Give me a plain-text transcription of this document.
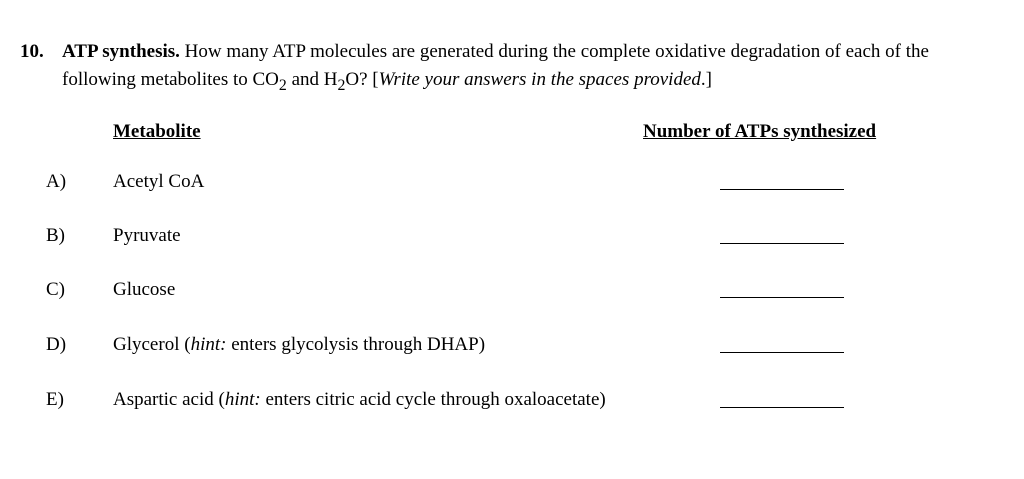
10. ATP synthesis. How many ATP molecules are generated during the complete oxidative degradation of each of the following metabolites to $CO_2$ and $H_2O$? [Write your answers in the spaces provided.]
Metabolite	Number of ATPs synthesized
A) Acetyl CoA
B)	Pyruvate
C)	Glucose
D) Glycerol (hint: enters glycolysis through DHAP)
E)	Aspartic acid (hint: enters citric acid cycle through oxaloacetate)
